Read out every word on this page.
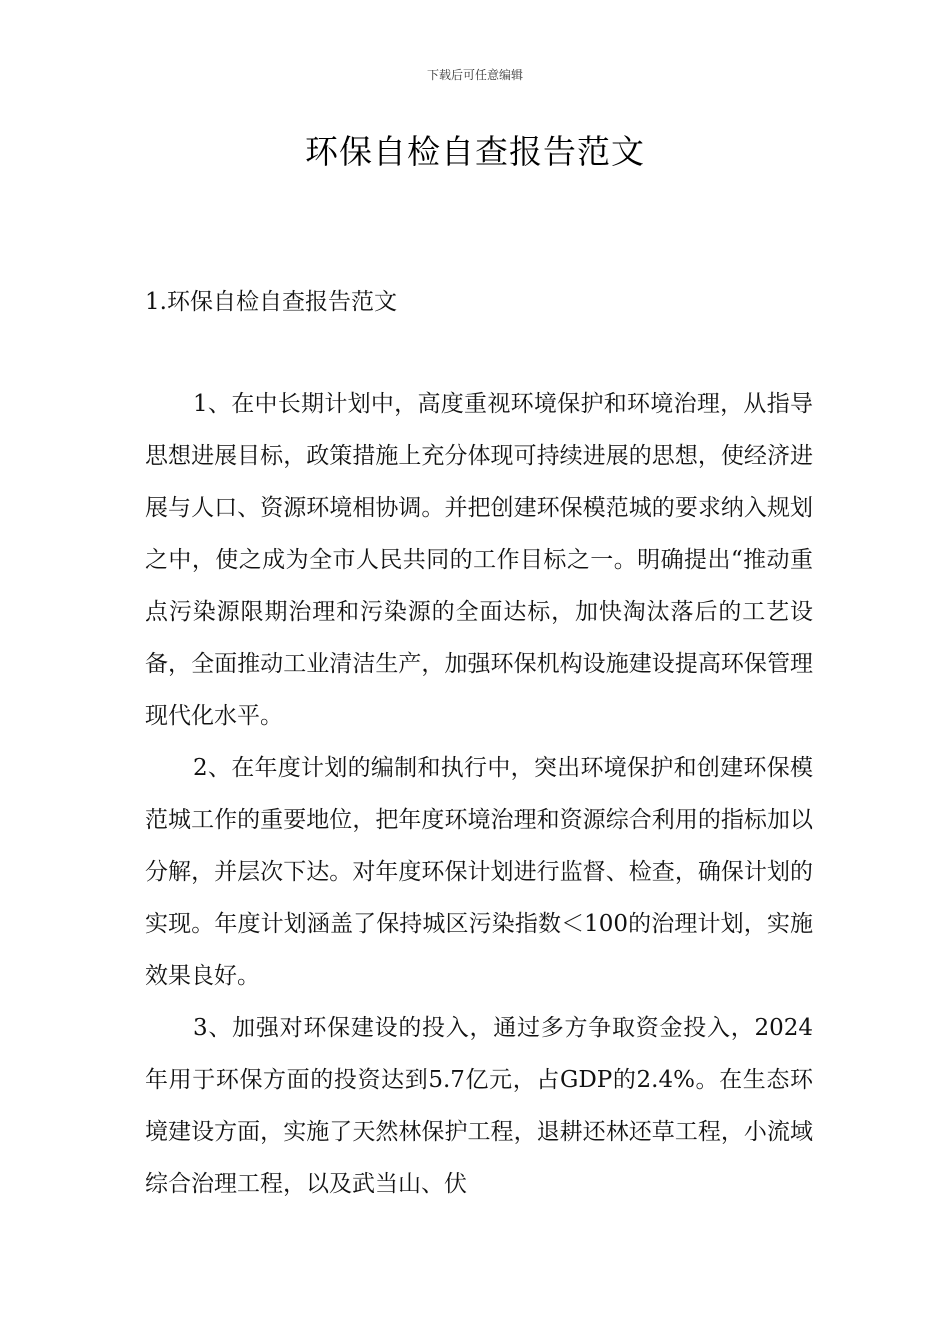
下载后可任意编辑
环保自检自查报告范文
1.环保自检自查报告范文

1、在中长期计划中，高度重视环境保护和环境治理，从指导思想进展目标，政策措施上充分体现可持续进展的思想，使经济进展与人口、资源环境相协调。并把创建环保模范城的要求纳入规划之中，使之成为全市人民共同的工作目标之一。明确提出“推动重点污染源限期治理和污染源的全面达标，加快淘汰落后的工艺设备，全面推动工业清洁生产，加强环保机构设施建设提高环保管理现代化水平。

2、在年度计划的编制和执行中，突出环境保护和创建环保模范城工作的重要地位，把年度环境治理和资源综合利用的指标加以分解，并层次下达。对年度环保计划进行监督、检查，确保计划的实现。年度计划涵盖了保持城区污染指数＜100的治理计划，实施效果良好。

3、加强对环保建设的投入，通过多方争取资金投入，2024年用于环保方面的投资达到5.7亿元，占GDP的2.4%。在生态环境建设方面，实施了天然林保护工程，退耕还林还草工程，小流域综合治理工程，以及武当山、伏
